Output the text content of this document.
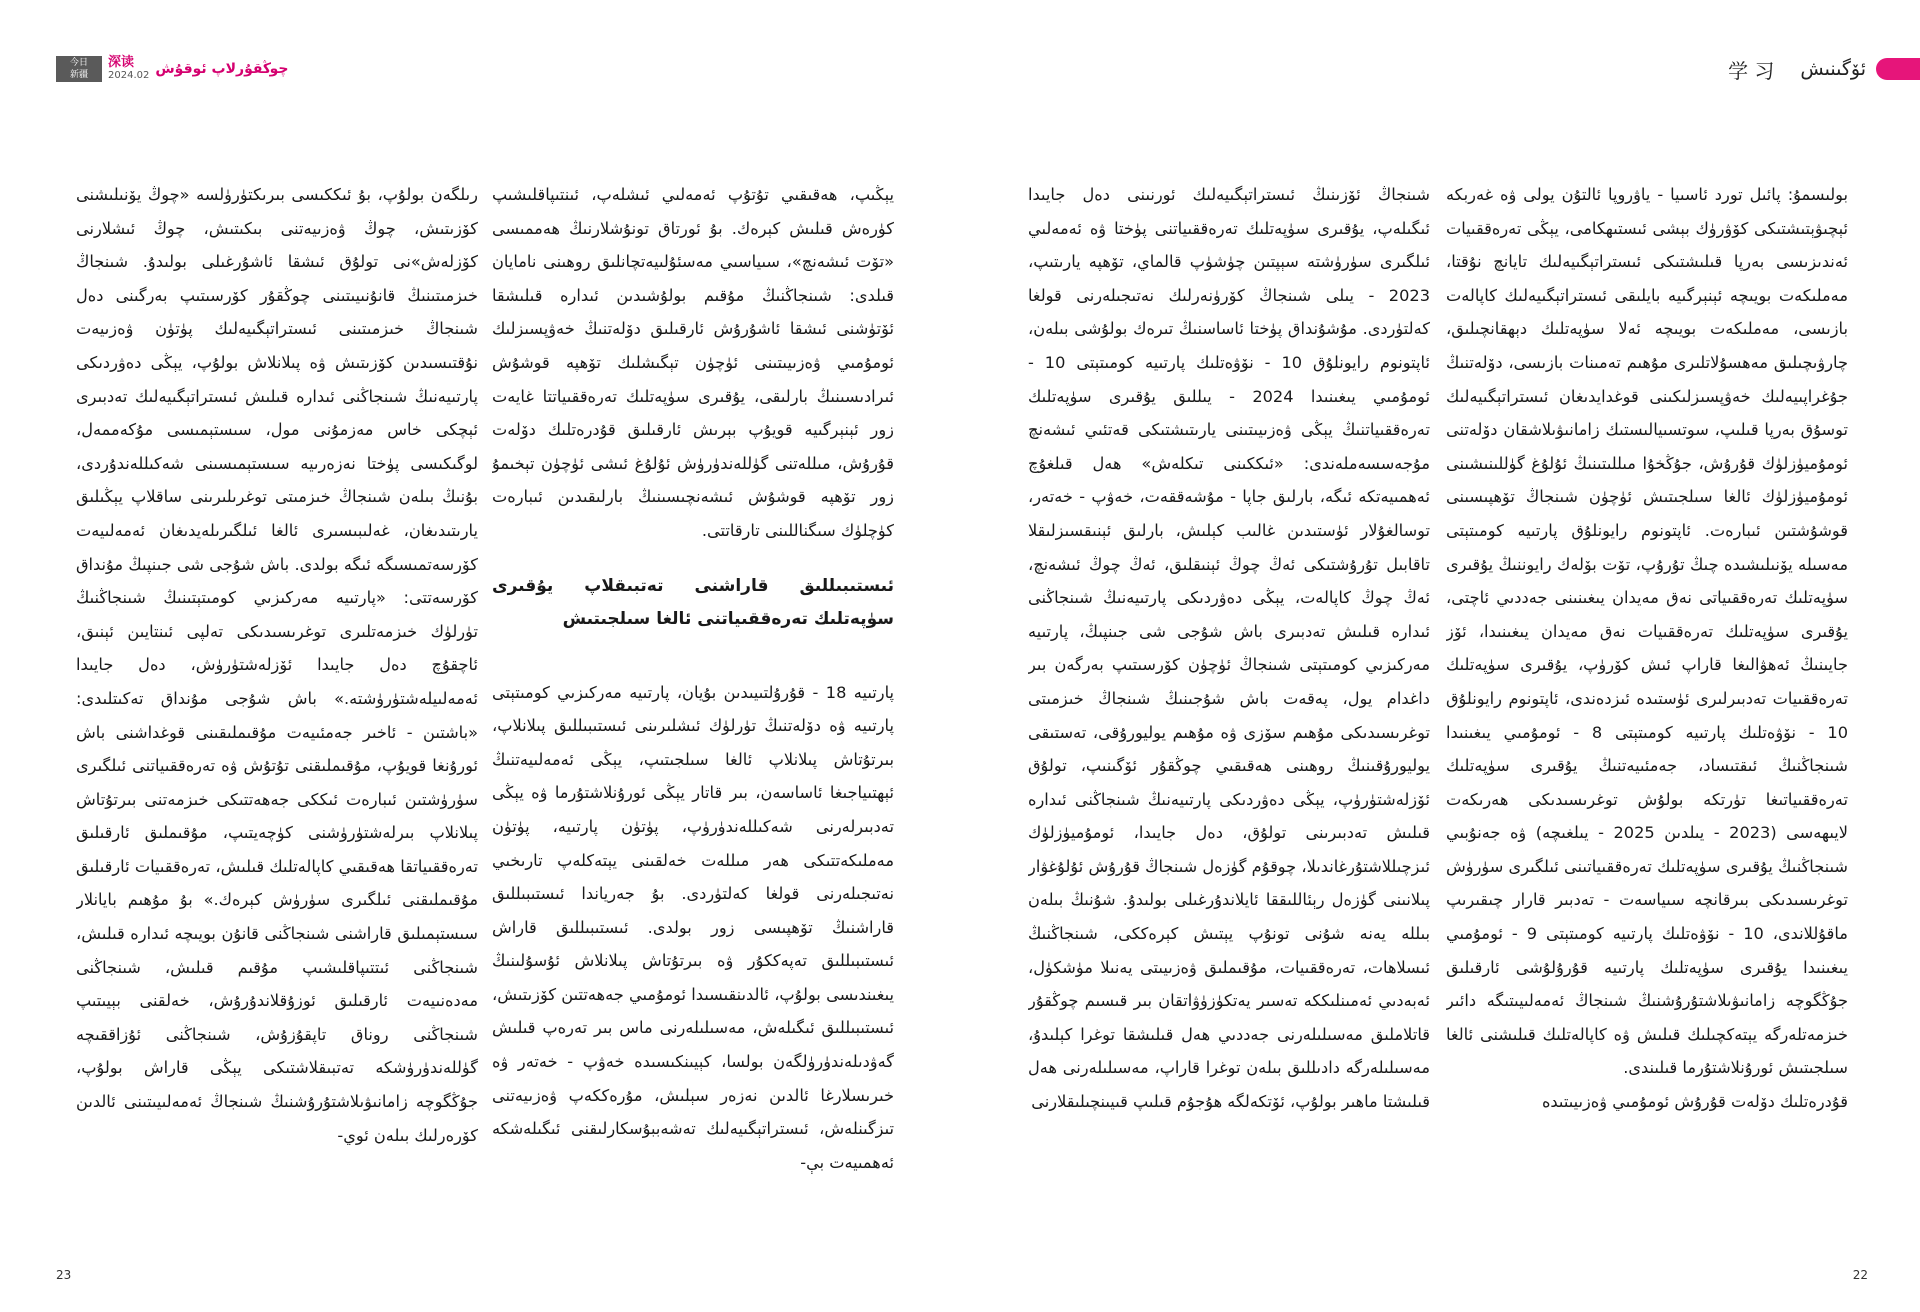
今日
新疆
深读
2024.02 چوڭقۇرلاپ ئوقۇش	学 习 ئۆگىنىش

بولىسمۇ: پائىل تورد ئاسىيا - ياۋروپا ئالتۇن يولى ۋە غەربكە ئېچىۋېتىشتىكى كۆۋرۈك بېشى ئىستىھكامى، يېڭى تەرەققىيات ئەندىزىسى بەرپا قىلىشتىكى ئىستراتېگىيەلىك تايانچ نۇقتا، مەملىكەت بويىچە ئېنېرگىيە بايلىقى ئىستراتېگىيەلىك كاپالەت بازىسى، مەملىكەت بويىچە ئەلا سۈپەتلىك دېھقانچىلىق، چارۋىچىلىق مەھسۇلاتلىرى مۇھىم تەمىنات بازىسى، دۆلەتنىڭ جۇغراپىيەلىك خەۋپسىزلىكىنى قوغدايدىغان ئىستراتېگىيەلىك توسۇق بەرپا قىلىپ، سوتسىيالىستىك زامانىۋىلاشقان دۆلەتنى ئومۇميۈزلۈك قۇرۇش، جۇڭخۇا مىللىتىنىڭ ئۇلۇغ گۈللىنىشىنى ئومۇميۈزلۈك ئالغا سىلجىتىش ئۈچۈن شىنجاڭ تۆھپىسىنى قوشۇشتىن ئىبارەت. ئاپتونوم رايونلۇق پارتىيە كومىتېتى مەسىلە يۆنىلىشىدە چىڭ تۇرۇپ، تۆت بۆلەك رايوننىڭ يۇقىرى سۈپەتلىك تەرەققىياتى نەق مەيدان يىغىنىنى جەددىي ئاچتى، يۇقىرى سۈپەتلىك تەرەققىيات نەق مەيدان يىغىنىدا، ئۆز جايىنىڭ ئەھۋالىغا قاراپ ئىش كۆرۈپ، يۇقىرى سۈپەتلىك تەرەققىيات تەدبىرلىرى ئۈستىدە ئىزدەندى، ئاپتونوم رايونلۇق 10 - نۆۋەتلىك پارتىيە كومىتېتى 8 - ئومۇمىي يىغىنىدا شىنجاڭنىڭ ئىقتىساد، جەمئىيەتنىڭ يۇقىرى سۈپەتلىك تەرەققىياتىغا تۈرتكە بولۇش توغرىسىدىكى ھەرىكەت لايىھەسى (2023 - يىلدىن 2025 - يىلغىچە) ۋە جەنۇبىي شىنجاڭنىڭ يۇقىرى سۈپەتلىك تەرەققىياتىنى ئىلگىرى سۈرۈش توغرىسىدىكى بىرقانچە سىياسەت - تەدبىر قارار چىقىرىپ ماقۇللاندى، 10 - نۆۋەتلىك پارتىيە كومىتېتى 9 - ئومۇمىي يىغىنىدا يۇقىرى سۈپەتلىك پارتىيە قۇرۇلۇشى ئارقىلىق جۇڭگوچە زامانىۋىلاشتۇرۇشنىڭ شىنجاڭ ئەمەلىيىتىگە دائىر خىزمەتلەرگە يېتەكچىلىك قىلىش ۋە كاپالەتلىك قىلىشنى ئالغا سىلجىتىش ئورۇنلاشتۇرما قىلىندى.

قۇدرەتلىك دۆلەت قۇرۇش ئومۇمىي ۋەزىيىتىدە

شىنجاڭ ئۆزىنىڭ ئىستراتېگىيەلىك ئورنىنى دەل جايىدا ئىگىلەپ، يۇقىرى سۈپەتلىك تەرەققىياتنى پۈختا ۋە ئەمەلىي ئىلگىرى سۈرۈشتە سېپتىن چۈشۈپ قالماي، تۆھپە يارىتىپ، 2023 - يىلى شىنجاڭ كۆرۈنەرلىك نەتىجىلەرنى قولغا كەلتۈردى. مۇشۇنداق پۈختا ئاساسنىڭ تىرەك بولۇشى بىلەن، ئاپتونوم رايونلۇق 10 - نۆۋەتلىك پارتىيە كومىتېتى 10 - ئومۇمىي يىغىنىدا 2024 - يىللىق يۇقىرى سۈپەتلىك تەرەققىياتنىڭ يېڭى ۋەزىيىتىنى يارىتىشتىكى قەتئىي ئىشەنچ مۇجەسسەملەندى: «ئىككىنى تىكلەش» ھەل قىلغۇچ ئەھمىيەتكە ئىگە، بارلىق جاپا - مۇشەققەت، خەۋپ - خەتەر، توسالغۇلار ئۈستىدىن غالىب كېلىش، بارلىق ئېنىقسىزلىقلا تاقابىل تۇرۇشتىكى ئەڭ چوڭ ئېنىقلىق، ئەڭ چوڭ ئىشەنچ، ئەڭ چوڭ كاپالەت، يېڭى دەۋردىكى پارتىيەنىڭ شىنجاڭنى ئىدارە قىلىش تەدبىرى باش شۇجى شى جىنپىڭ، پارتىيە مەركىزىي كومىتېتى شىنجاڭ ئۈچۈن كۆرسىتىپ بەرگەن بىر داغدام يول، پەقەت باش شۇجىنىڭ شىنجاڭ خىزمىتى توغرىسىدىكى مۇھىم سۆزى ۋە مۇھىم يوليورۇقى، تەستىقى يوليورۇقىنىڭ روھىنى ھەقىقىي چوڭقۇر ئۆگىنىپ، تولۇق ئۆزلەشتۈرۈپ، يېڭى دەۋردىكى پارتىيەنىڭ شىنجاڭنى ئىدارە قىلىش تەدبىرىنى تولۇق، دەل جايىدا، ئومۇميۈزلۈك ئىزچىللاشتۇرغاندىلا، چوقۇم گۈزەل شىنجاڭ قۇرۇش ئۇلۇغۋار پىلانىنى گۈزەل رېئاللىققا ئايلاندۇرغىلى بولىدۇ. شۇنىڭ بىلەن بىللە يەنە شۇنى تونۇپ يېتىش كېرەككى، شىنجاڭنىڭ ئىسلاھات، تەرەققىيات، مۇقىملىق ۋەزىيىتى يەنىلا مۈشكۈل، ئەبەدىي ئەمىنلىككە تەسىر يەتكۈزۈۋاتقان بىر قىسىم چوڭقۇر قاتلاملىق مەسىلىلەرنى جەددىي ھەل قىلىشقا توغرا كېلىدۇ، مەسىلىلەرگە دادىللىق بىلەن توغرا قاراپ، مەسىلىلەرنى ھەل قىلىشتا ماھىر بولۇپ، ئۆتكەلگە ھۇجۇم قىلىپ قىيىنچىلىقلارنى

يېڭىپ، ھەقىقىي تۇتۇپ ئەمەلىي ئىشلەپ، ئىنتىپاقلىشىپ كۈرەش قىلىش كېرەك. بۇ ئورتاق تونۇشلارنىڭ ھەممىسى «تۆت ئىشەنچ»، سىياسىي مەسئۇلىيەتچانلىق روھىنى نامايان قىلدى: شىنجاڭنىڭ مۇقىم بولۇشىدىن ئىدارە قىلىشقا ئۆتۈشنى ئىشقا ئاشۇرۇش ئارقىلىق دۆلەتنىڭ خەۋپسىزلىك ئومۇمىي ۋەزىيىتىنى ئۈچۈن تېگىشلىك تۆھپە قوشۇش ئىرادىسىنىڭ بارلىقى، يۇقىرى سۈپەتلىك تەرەققىياتتا غايەت زور ئېنېرگىيە قويۇپ بېرىش ئارقىلىق قۇدرەتلىك دۆلەت قۇرۇش، مىللەتنى گۈللەندۈرۈش ئۇلۇغ ئىشى ئۈچۈن تېخىمۇ زور تۆھپە قوشۇش ئىشەنچىسىنىڭ بارلىقىدىن ئىبارەت كۈچلۈك سىگناللىنى تارقاتتى.

ئىستىبىللىق قاراشنى تەتبىقلاپ يۇقىرى سۈپەتلىك تەرەققىياتنى ئالغا سىلجىتىش

پارتىيە 18 - قۇرۇلتىيىدىن بۇيان، پارتىيە مەركىزىي كومىتېتى پارتىيە ۋە دۆلەتنىڭ تۈرلۈك ئىشلىرىنى ئىستىبىللىق پىلانلاپ، بىرتۇتاش پىلانلاپ ئالغا سىلجىتىپ، يېڭى ئەمەلىيەتنىڭ ئېھتىياجىغا ئاساسەن، بىر قاتار يېڭى ئورۇنلاشتۇرما ۋە يېڭى تەدبىرلەرنى شەكىللەندۈرۈپ، پۈتۈن پارتىيە، پۈتۈن مەملىكەتتىكى ھەر مىللەت خەلقىنى يېتەكلەپ تارىخىي نەتىجىلەرنى قولغا كەلتۈردى. بۇ جەرياندا ئىستىبىللىق قاراشنىڭ تۆھپىسى زور بولدى. ئىستىبىللىق قاراش ئىستىبىللىق تەپەككۇر ۋە بىرتۇتاش پىلانلاش ئۇسۇلىنىڭ يىغىندىسى بولۇپ، ئالدىنقىسىدا ئومۇمىي جەھەتتىن كۆزىتىش، ئىستىبىللىق ئىگىلەش، مەسىلىلەرنى ماس بىر تەرەپ قىلىش گەۋدىلەندۈرۈلگەن بولسا، كېيىنكىسىدە خەۋپ - خەتەر ۋە خىرىسلارغا ئالدىن نەزەر سېلىش، مۇرەككەپ ۋەزىيەتنى تىزگىنلەش، ئىستراتېگىيەلىك تەشەببۇسكارلىقنى ئىگىلەشكە ئەھمىيەت بې-

رىلگەن بولۇپ، بۇ ئىككىسى بىرىكتۈرۈلسە «چوڭ يۆنىلىشنى كۆزىتىش، چوڭ ۋەزىيەتنى بىكىتىش، چوڭ ئىشلارنى كۆزلەش»نى تولۇق ئىشقا ئاشۇرغىلى بولىدۇ. شىنجاڭ خىزمىتىنىڭ قانۇنىيىتىنى چوڭقۇر كۆرسىتىپ بەرگىنى دەل شىنجاڭ خىزمىتىنى ئىستراتېگىيەلىك پۈتۈن ۋەزىيەت نۇقتىسىدىن كۆزىتىش ۋە پىلانلاش بولۇپ، يېڭى دەۋردىكى پارتىيەنىڭ شىنجاڭنى ئىدارە قىلىش ئىستراتېگىيەلىك تەدبىرى ئېچكى خاس مەزمۇنى مول، سىستېمىسى مۇكەممەل، لوگىكىسى پۈختا نەزەرىيە سىستېمىسىنى شەكىللەندۇردى، بۇنىڭ بىلەن شىنجاڭ خىزمىتى توغرىلىرىنى ساقلاپ يېڭىلىق يارىتىدىغان، غەلىبىسىرى ئالغا ئىلگىرىلەيدىغان ئەمەلىيەت كۆرسەتمىسىگە ئىگە بولدى. باش شۇجى شى جىنپىڭ مۇنداق كۆرسەتتى: «پارتىيە مەركىزىي كومىتېتىنىڭ شىنجاڭنىڭ تۈرلۈك خىزمەتلىرى توغرىسىدىكى تەلپى ئىنتايىن ئېنىق، ئاچقۇچ دەل جايىدا ئۆزلەشتۈرۈش، دەل جايىدا ئەمەلىيلەشتۈرۈشتە.» باش شۇجى مۇنداق تەكىتلىدى: «باشتىن - ئاخىر جەمئىيەت مۇقىملىقىنى قوغداشنى باش ئورۇنغا قويۇپ، مۇقىملىقنى تۇتۇش ۋە تەرەققىياتنى ئىلگىرى سۈرۈشتىن ئىبارەت ئىككى جەھەتتىكى خىزمەتنى بىرتۇتاش پىلانلاپ بىرلەشتۈرۈشنى كۈچەيتىپ، مۇقىملىق ئارقىلىق تەرەققىياتقا ھەقىقىي كاپالەتلىك قىلىش، تەرەققىيات ئارقىلىق مۇقىملىقنى ئىلگىرى سۈرۈش كېرەك.» بۇ مۇھىم بايانلار سىستېمىلىق قاراشنى شىنجاڭنى قانۇن بويىچە ئىدارە قىلىش، شىنجاڭنى ئىتتىپاقلىشىپ مۇقىم قىلىش، شىنجاڭنى مەدەنىيەت ئارقىلىق ئوزۇقلاندۇرۇش، خەلقنى بېيىتىپ شىنجاڭنى روناق تاپقۇزۇش، شىنجاڭنى ئۇزاققىچە گۈللەندۈرۈشكە تەتبىقلاشتىكى يېڭى قاراش بولۇپ، جۇڭگوچە زامانىۋىلاشتۇرۇشنىڭ شىنجاڭ ئەمەلىيىتىنى ئالدىن كۆرەرلىك بىلەن ئوي-

23	22
